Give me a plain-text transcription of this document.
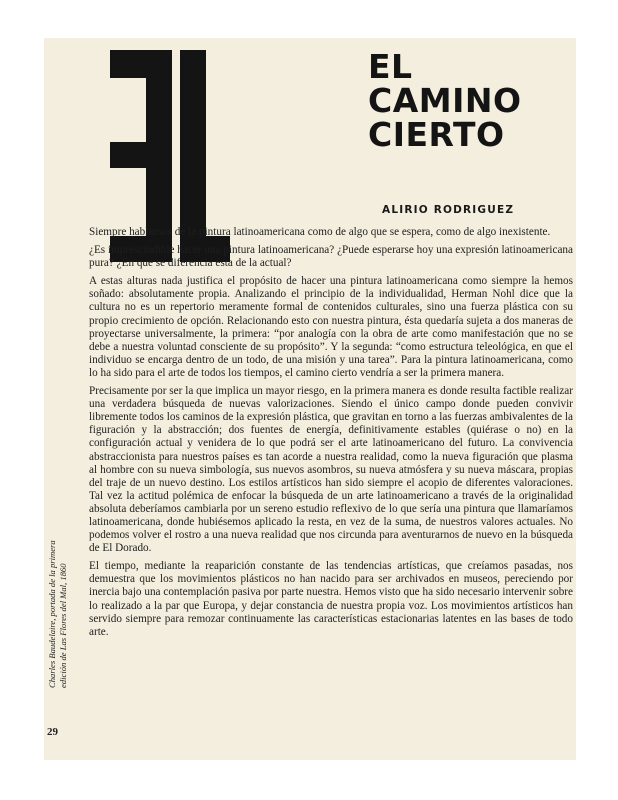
EL
CAMINO
CIERTO
ALIRIO RODRIGUEZ

Siempre hablamos de la pintura latinoamericana como de algo que se espera, como de algo inexistente.

¿Es imprescindible hacer una pintura latinoamericana? ¿Puede esperarse hoy una expresión latinoamericana pura? ¿En qué se diferencia ésta de la actual?

A estas alturas nada justifica el propósito de hacer una pintura latinoamericana como siempre la hemos soñado: absolutamente propia. Analizando el principio de la individualidad, Herman Nohl dice que la cultura no es un repertorio meramente formal de contenidos culturales, sino una fuerza plástica con su propio crecimiento de opción. Relacionando esto con nuestra pintura, ésta quedaría sujeta a dos maneras de proyectarse universalmente, la primera: “por analogía con la obra de arte como manifestación que no se debe a nuestra voluntad consciente de su propósito”. Y la segunda: “como estructura teleológica, en que el individuo se encarga dentro de un todo, de una misión y una tarea”. Para la pintura latinoamericana, como lo ha sido para el arte de todos los tiempos, el camino cierto vendría a ser la primera manera.

Precisamente por ser la que implica un mayor riesgo, en la primera manera es donde resulta factible realizar una verdadera búsqueda de nuevas valorizaciones. Siendo el único campo donde pueden convivir libremente todos los caminos de la expresión plástica, que gravitan en torno a las fuerzas ambivalentes de la figuración y la abstracción; dos fuentes de energía, definitivamente estables (quiérase o no) en la configuración actual y venidera de lo que podrá ser el arte latinoamericano del futuro. La convivencia abstraccionista para nuestros países es tan acorde a nuestra realidad, como la nueva figuración que plasma al hombre con su nueva simbología, sus nuevos asombros, su nueva atmósfera y su nueva máscara, propias del traje de un nuevo destino. Los estilos artísticos han sido siempre el acopio de diferentes valoraciones. Tal vez la actitud polémica de enfocar la búsqueda de un arte latinoamericano a través de la originalidad absoluta deberíamos cambiarla por un sereno estudio reflexivo de lo que sería una pintura que llamaríamos latinoamericana, donde hubiésemos aplicado la resta, en vez de la suma, de nuestros valores actuales. No podemos volver el rostro a una nueva realidad que nos circunda para aventurarnos de nuevo en la búsqueda de El Dorado.

El tiempo, mediante la reaparición constante de las tendencias artísticas, que creíamos pasadas, nos demuestra que los movimientos plásticos no han nacido para ser archivados en museos, pereciendo por inercia bajo una contemplación pasiva por parte nuestra. Hemos visto que ha sido necesario intervenir sobre lo realizado a la par que Europa, y dejar constancia de nuestra propia voz. Los movimientos artísticos han servido siempre para remozar continuamente las características estacionarias latentes en las bases de todo arte.

Charles Baudelaire, portada de la primera edición de Las Flores del Mal, 1860
29
